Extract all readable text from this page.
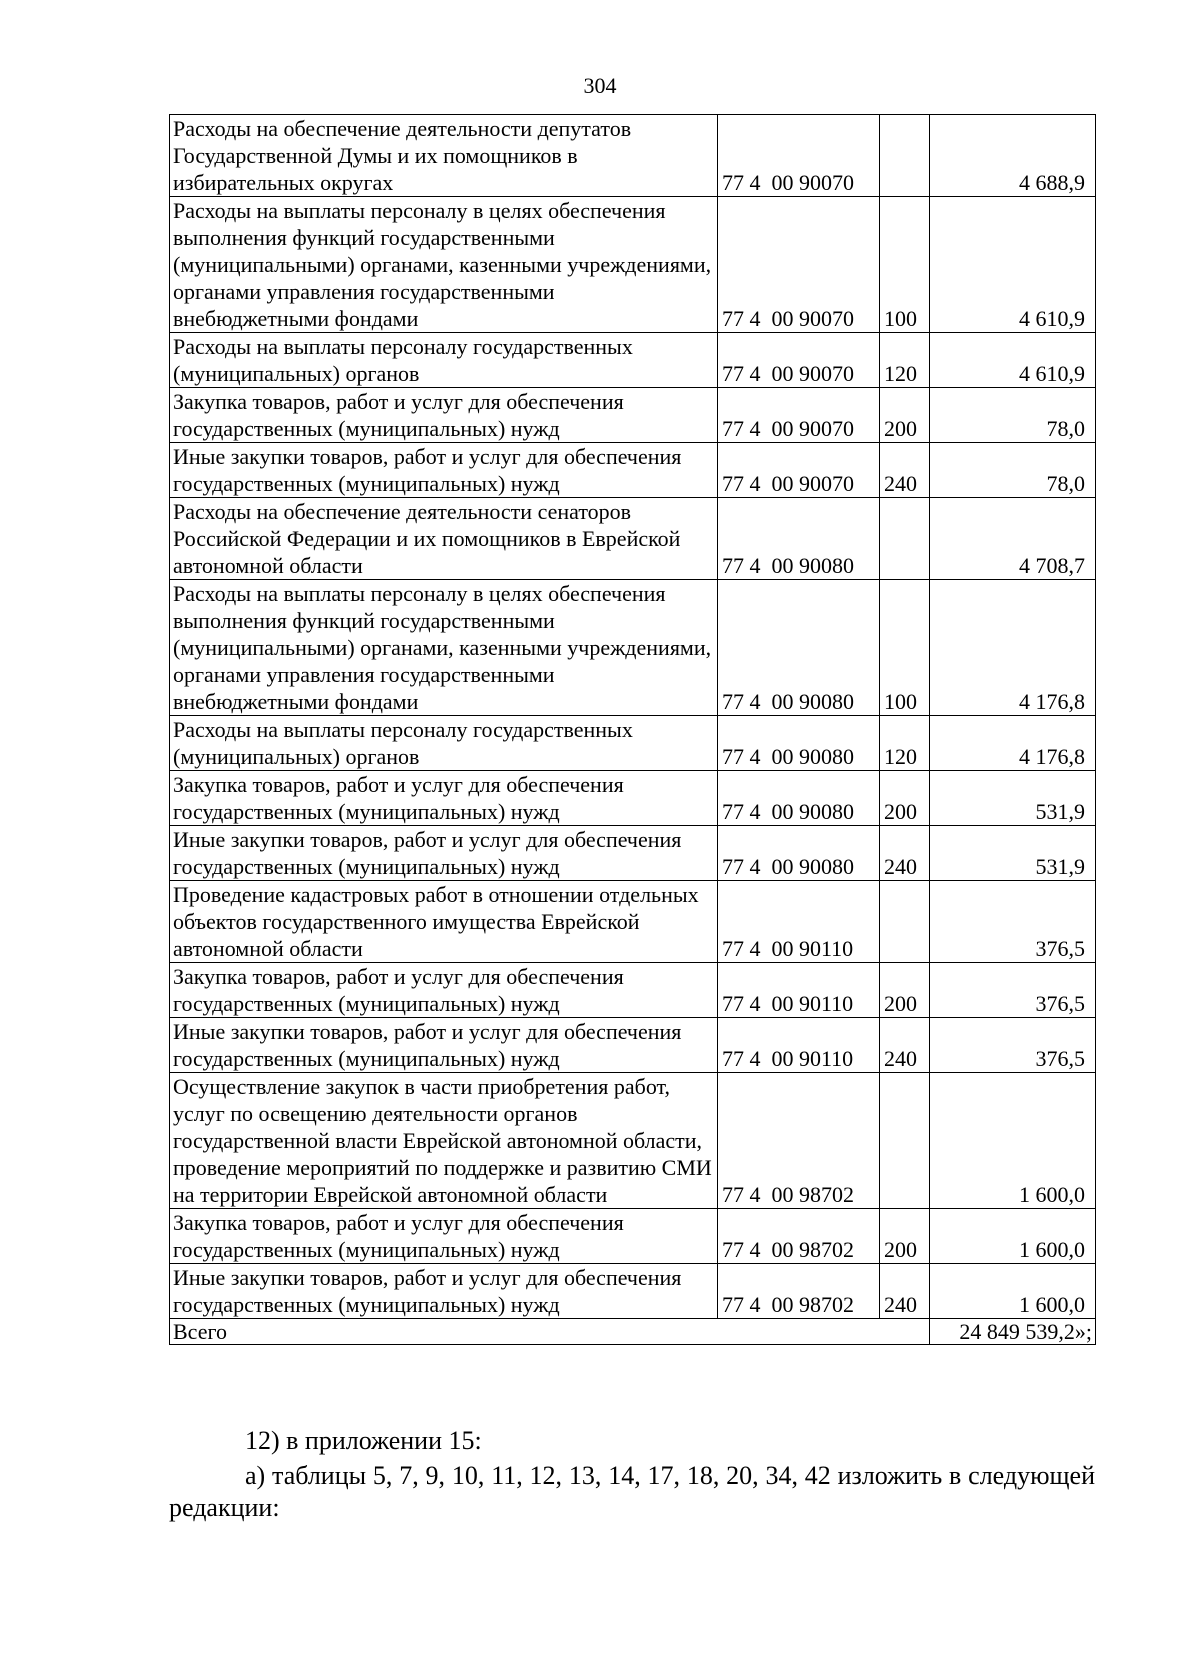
304
Расходы на обеспечение деятельности депутатов Государственной Думы и их помощников в избирательных округах	77 4  00 90070		4 688,9
Расходы на выплаты персоналу в целях обеспечения выполнения функций государственными (муниципальными) органами, казенными учреждениями, органами управления государственными внебюджетными фондами	77 4  00 90070	100	4 610,9
Расходы на выплаты персоналу государственных (муниципальных) органов	77 4  00 90070	120	4 610,9
Закупка товаров, работ и услуг для обеспечения государственных (муниципальных) нужд	77 4  00 90070	200	78,0
Иные закупки товаров, работ и услуг для обеспечения государственных (муниципальных) нужд	77 4  00 90070	240	78,0
Расходы на обеспечение деятельности сенаторов Российской Федерации и их помощников в Еврейской автономной области	77 4  00 90080		4 708,7
Расходы на выплаты персоналу в целях обеспечения выполнения функций государственными (муниципальными) органами, казенными учреждениями, органами управления государственными внебюджетными фондами	77 4  00 90080	100	4 176,8
Расходы на выплаты персоналу государственных (муниципальных) органов	77 4  00 90080	120	4 176,8
Закупка товаров, работ и услуг для обеспечения государственных (муниципальных) нужд	77 4  00 90080	200	531,9
Иные закупки товаров, работ и услуг для обеспечения государственных (муниципальных) нужд	77 4  00 90080	240	531,9
Проведение кадастровых работ в отношении отдельных объектов государственного имущества Еврейской автономной области	77 4  00 90110		376,5
Закупка товаров, работ и услуг для обеспечения государственных (муниципальных) нужд	77 4  00 90110	200	376,5
Иные закупки товаров, работ и услуг для обеспечения государственных (муниципальных) нужд	77 4  00 90110	240	376,5
Осуществление закупок в части приобретения работ, услуг по освещению деятельности органов государственной власти Еврейской автономной области, проведение мероприятий по поддержке и развитию СМИ на территории Еврейской автономной области	77 4  00 98702		1 600,0
Закупка товаров, работ и услуг для обеспечения государственных (муниципальных) нужд	77 4  00 98702	200	1 600,0
Иные закупки товаров, работ и услуг для обеспечения государственных (муниципальных) нужд	77 4  00 98702	240	1 600,0
Всего			24 849 539,2»;
12) в приложении 15:
а) таблицы 5, 7, 9, 10, 11, 12, 13, 14, 17, 18, 20, 34, 42 изложить в следующей редакции:
